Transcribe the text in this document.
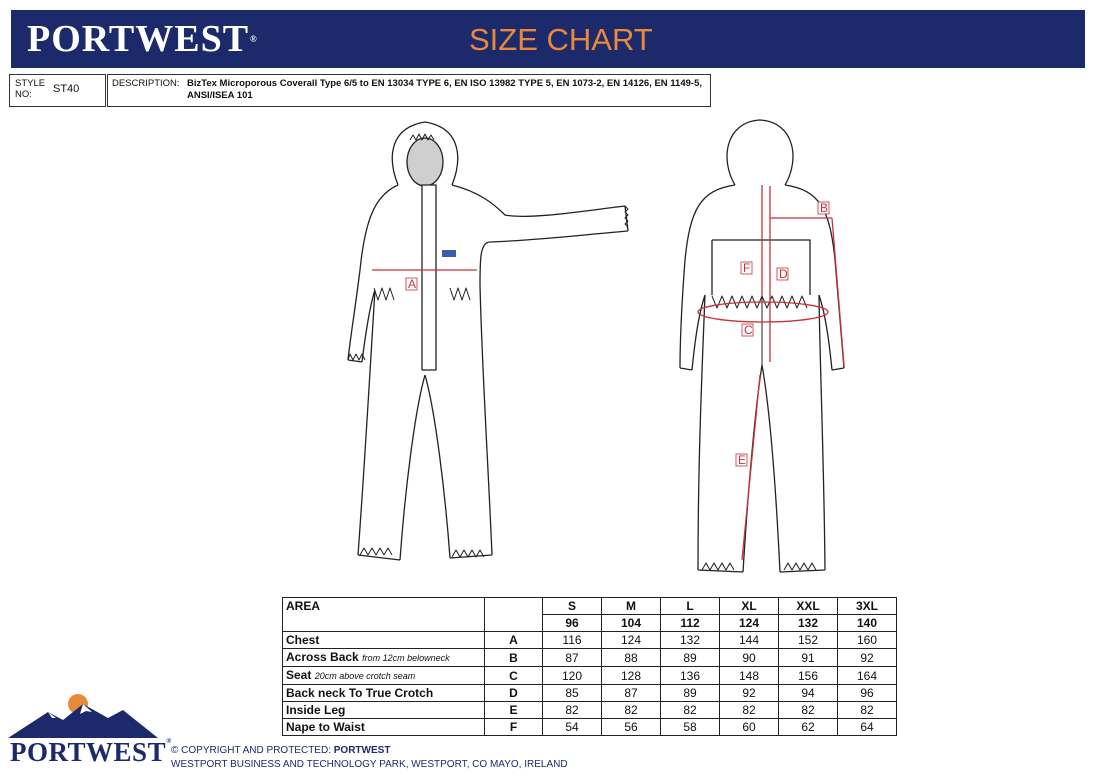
PORTWEST®	SIZE CHART
STYLE NO:	ST40	DESCRIPTION: BizTex Microporous Coverall Type 6/5 to EN 13034 TYPE 6, EN ISO 13982 TYPE 5, EN 1073-2, EN 14126, EN 1149-5, ANSI/ISEA 101
A
B
C
D
E
F
AREA		S	M	L	XL	XXL	3XL
		96	104	112	124	132	140
Chest	A	116	124	132	144	152	160
Across Back from 12cm belowneck	B	87	88	89	90	91	92
Seat 20cm above crotch seam	C	120	128	136	148	156	164
Back neck To True Crotch	D	85	87	89	92	94	96
Inside Leg	E	82	82	82	82	82	82
Nape to Waist	F	54	56	58	60	62	64
PORTWEST®
© COPYRIGHT AND PROTECTED: PORTWEST
WESTPORT BUSINESS AND TECHNOLOGY PARK, WESTPORT, CO MAYO, IRELAND
